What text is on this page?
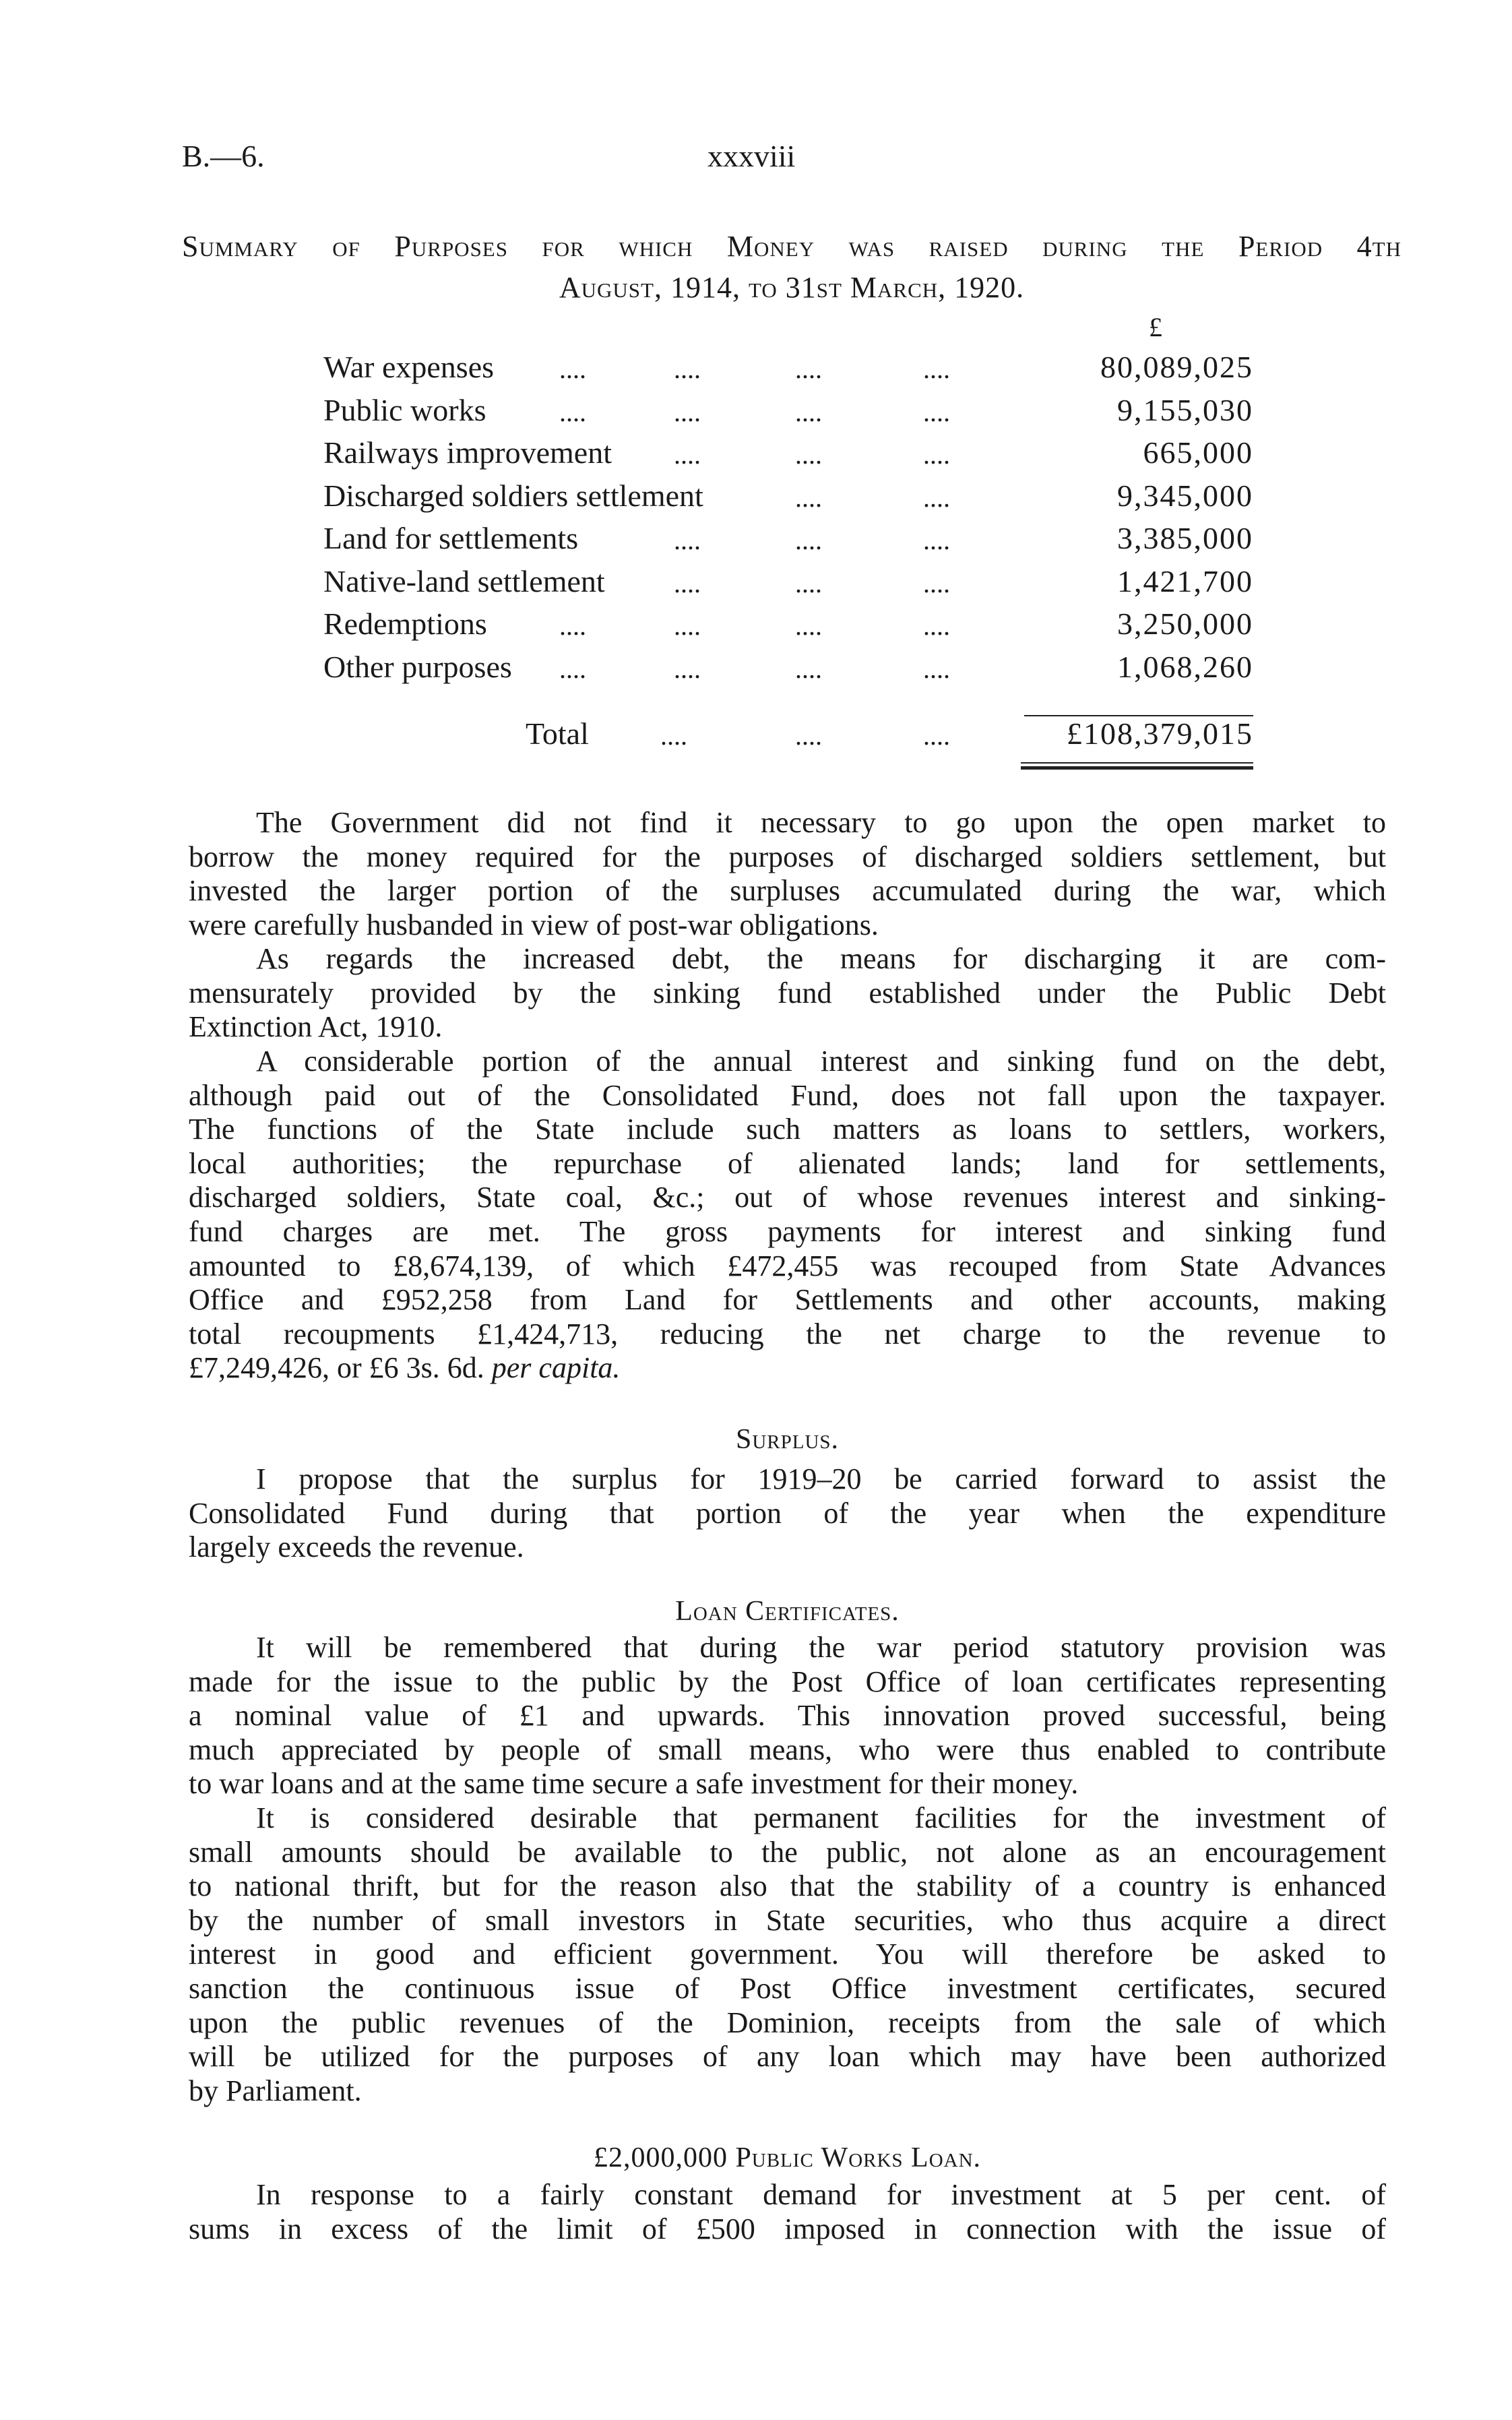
B.—6.	xxxviii
Summary of Purposes for which Money was raised during the Period 4th
August, 1914, to 31st March, 1920.
£
War expenses ....	....	....	....	80,089,025
Public works	....	....	....	....	9,155,030
Railways improvement ....	....	....	665,000
Discharged soldiers settlement	....	....	9,345,000
Land for settlements	....	....	....	3,385,000
Native-land settlement	....	....	....	1,421,700
Redemptions	....	....	....	....	3,250,000
Other purposes ....	....	....	....	1,068,260
Total	....	....	....	£108,379,015
The Government did not find it necessary to go upon the open market to
borrow the money required for the purposes of discharged soldiers settlement, but
invested the larger portion of the surpluses accumulated during the war, which
were carefully husbanded in view of post-war obligations.
As regards the increased debt, the means for discharging it are com-
mensurately provided by the sinking fund established under the Public Debt
Extinction Act, 1910.
A considerable portion of the annual interest and sinking fund on the debt,
although paid out of the Consolidated Fund, does not fall upon the taxpayer.
The functions of the State include such matters as loans to settlers, workers,
local authorities; the repurchase of alienated lands; land for settlements,
discharged soldiers, State coal, &c.; out of whose revenues interest and sinking-
fund charges are met. The gross payments for interest and sinking fund
amounted to £8,674,139, of which £472,455 was recouped from State Advances
Office and £952,258 from Land for Settlements and other accounts, making
total recoupments £1,424,713, reducing the net charge to the revenue to
£7,249,426, or £6 3s. 6d. per capita.
Surplus.
I propose that the surplus for 1919–20 be carried forward to assist the
Consolidated Fund during that portion of the year when the expenditure
largely exceeds the revenue.
Loan Certificates.
It will be remembered that during the war period statutory provision was
made for the issue to the public by the Post Office of loan certificates representing
a nominal value of £1 and upwards. This innovation proved successful, being
much appreciated by people of small means, who were thus enabled to contribute
to war loans and at the same time secure a safe investment for their money.
It is considered desirable that permanent facilities for the investment of
small amounts should be available to the public, not alone as an encouragement
to national thrift, but for the reason also that the stability of a country is enhanced
by the number of small investors in State securities, who thus acquire a direct
interest in good and efficient government. You will therefore be asked to
sanction the continuous issue of Post Office investment certificates, secured
upon the public revenues of the Dominion, receipts from the sale of which
will be utilized for the purposes of any loan which may have been authorized
by Parliament.
£2,000,000 Public Works Loan.
In response to a fairly constant demand for investment at 5 per cent. of
sums in excess of the limit of £500 imposed in connection with the issue of
